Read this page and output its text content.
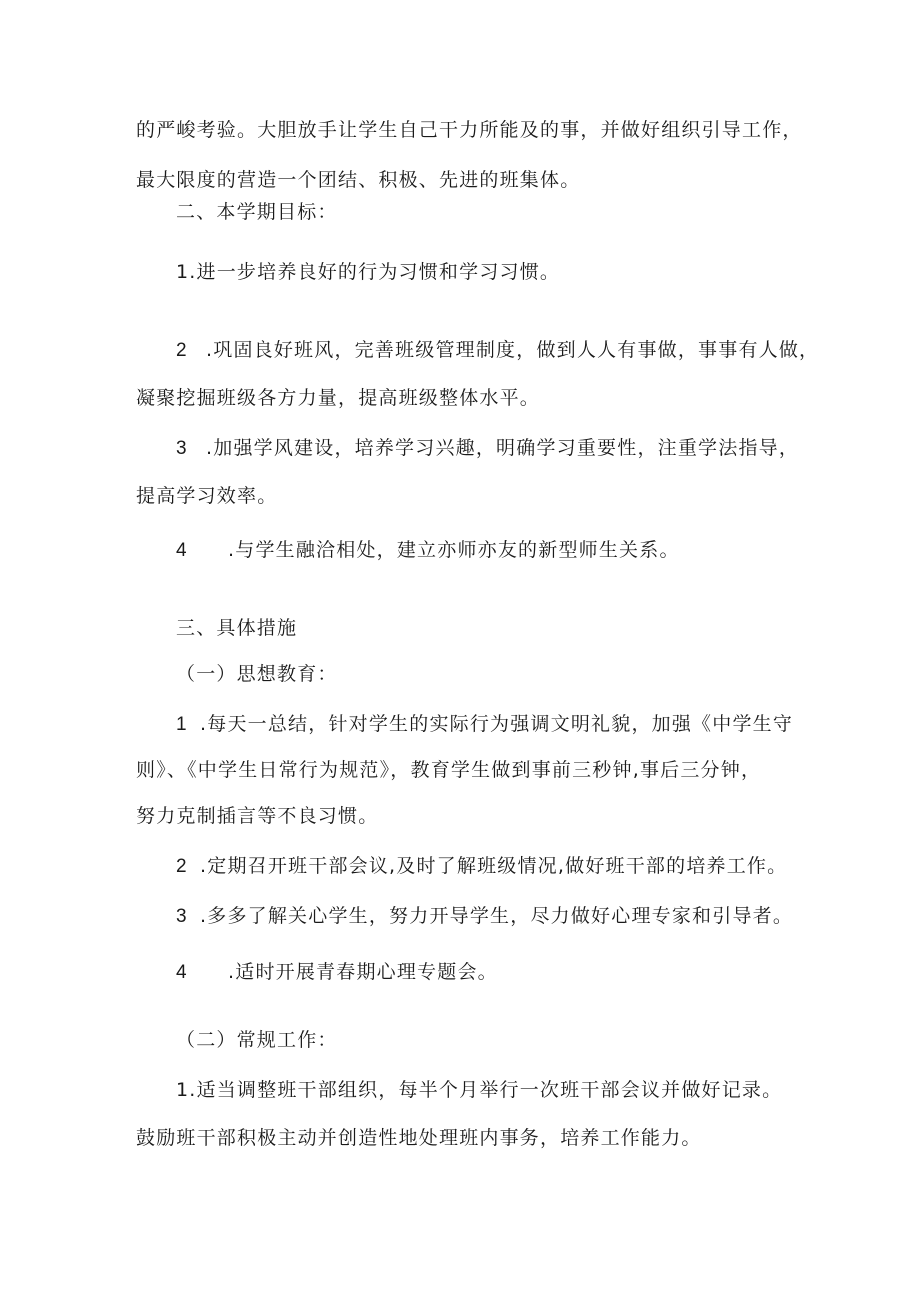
的严峻考验。大胆放手让学生自己干力所能及的事，并做好组织引导工作，
最大限度的营造一个团结、积极、先进的班集体。
二、本学期目标：
1.进一步培养良好的行为习惯和学习习惯。
2 .巩固良好班风，完善班级管理制度，做到人人有事做，事事有人做，
凝聚挖掘班级各方力量，提高班级整体水平。
3 .加强学风建设，培养学习兴趣，明确学习重要性，注重学法指导，
提高学习效率。
4 .与学生融洽相处，建立亦师亦友的新型师生关系。
三、具体措施
（一）思想教育：
1 .每天一总结，针对学生的实际行为强调文明礼貌，加强《中学生守
则》、《中学生日常行为规范》，教育学生做到事前三秒钟,事后三分钟，
努力克制插言等不良习惯。
2 .定期召开班干部会议,及时了解班级情况,做好班干部的培养工作。
3 .多多了解关心学生，努力开导学生，尽力做好心理专家和引导者。
4 .适时开展青春期心理专题会。
（二）常规工作：
1.适当调整班干部组织，每半个月举行一次班干部会议并做好记录。
鼓励班干部积极主动并创造性地处理班内事务，培养工作能力。
